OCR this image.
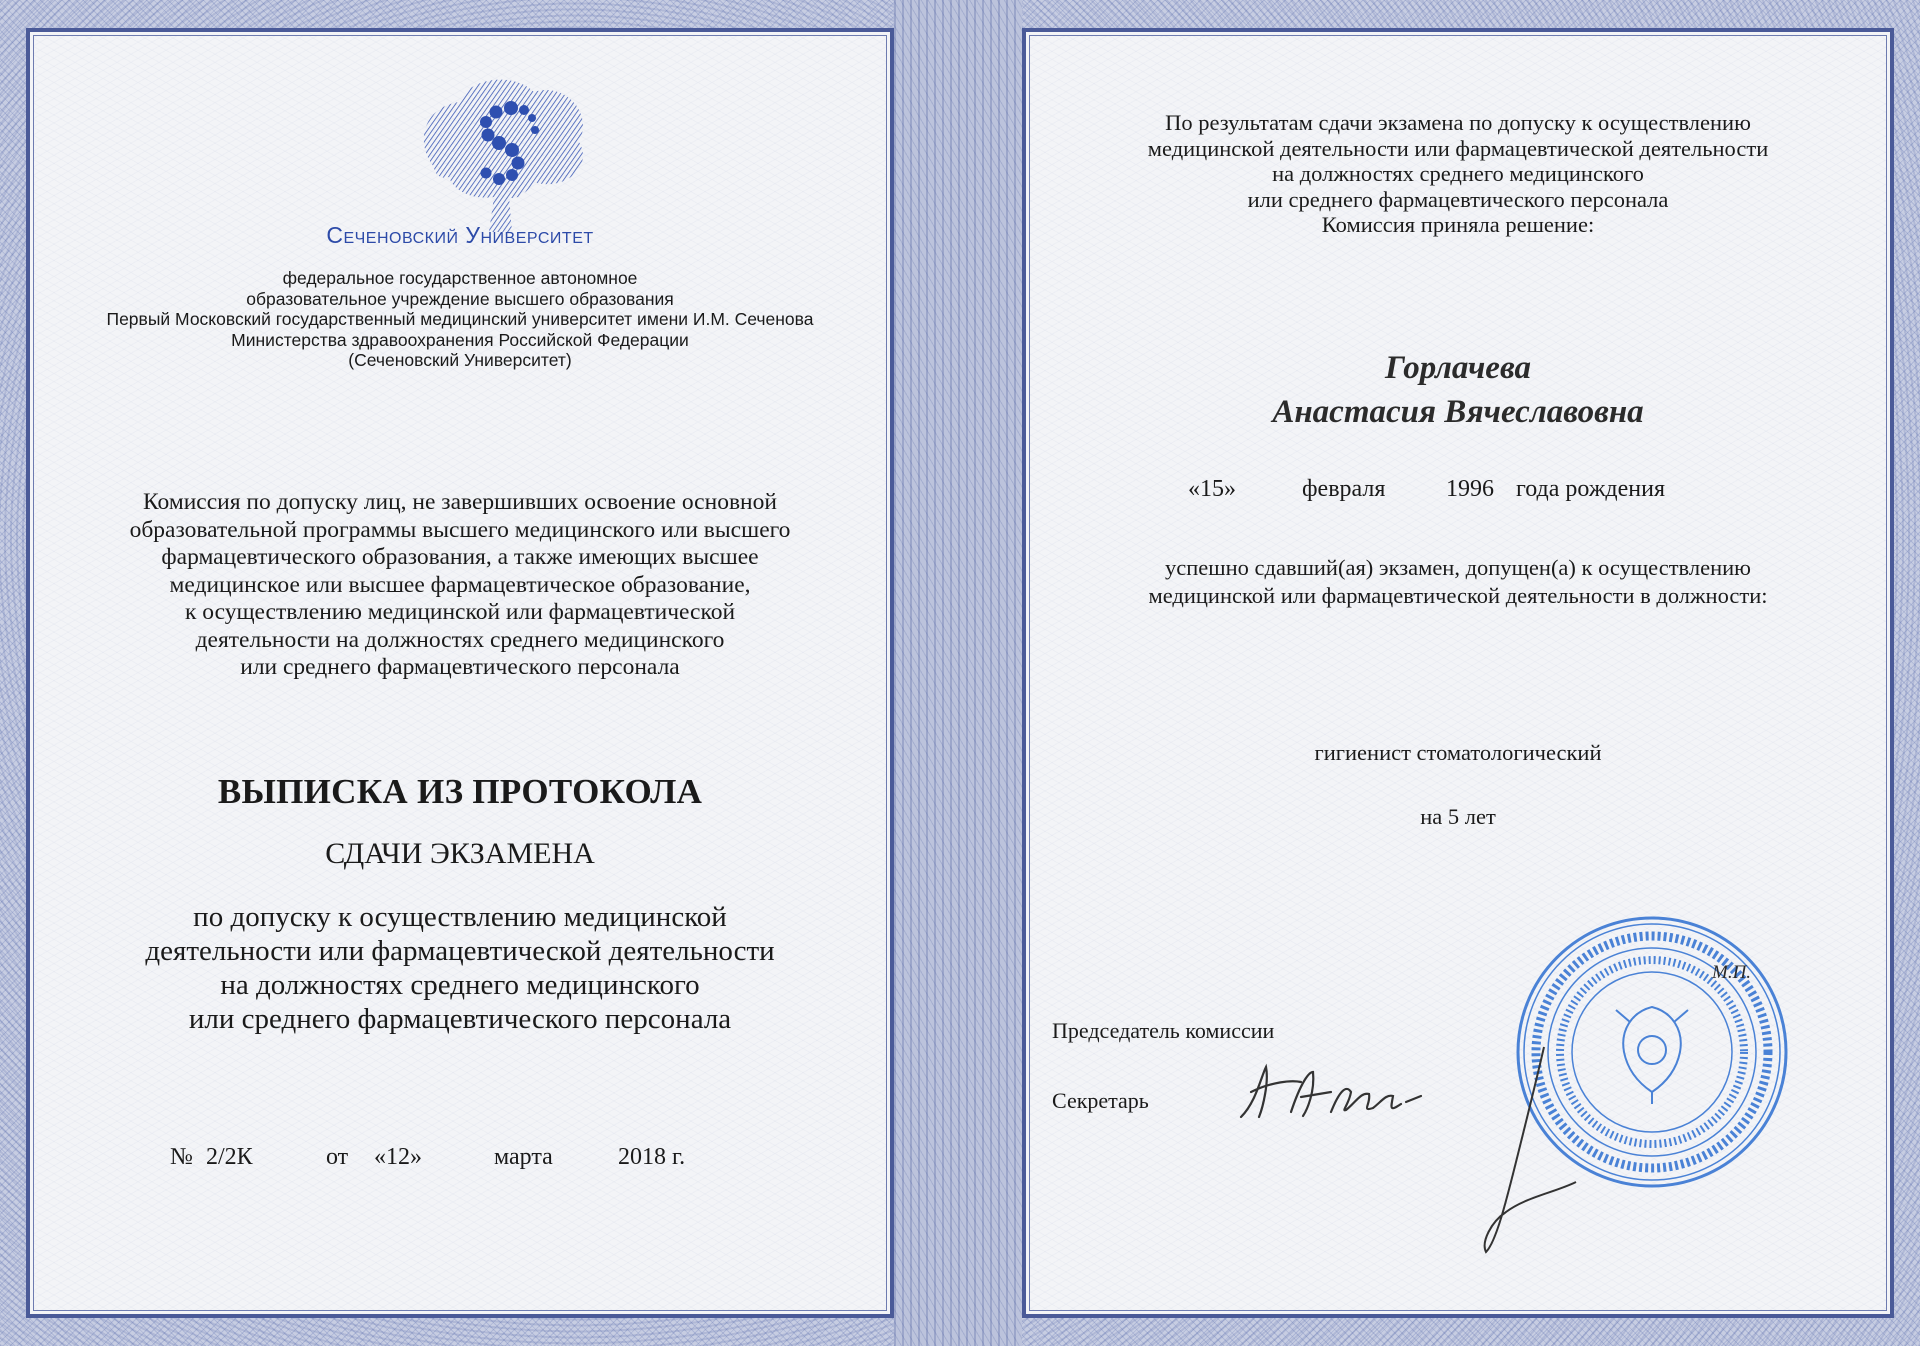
Сеченовский Университет
федеральное государственное автономное
образовательное учреждение высшего образования
Первый Московский государственный медицинский университет имени И.М. Сеченова
Министерства здравоохранения Российской Федерации
(Сеченовский Университет)
Комиссия по допуску лиц, не завершивших освоение основной
образовательной программы высшего медицинского или высшего
фармацевтического образования, а также имеющих высшее
медицинское или высшее фармацевтическое образование,
к осуществлению медицинской или фармацевтической
деятельности на должностях среднего медицинского
или среднего фармацевтического персонала
ВЫПИСКА ИЗ ПРОТОКОЛА
СДАЧИ ЭКЗАМЕНА
по допуску к осуществлению медицинской
деятельности или фармацевтической деятельности
на должностях среднего медицинского
или среднего фармацевтического персонала
№ 2/2К	от «12»	марта	2018 г.
По результатам сдачи экзамена по допуску к осуществлению
медицинской деятельности или фармацевтической деятельности
на должностях среднего медицинского
или среднего фармацевтического персонала
Комиссия приняла решение:
Горлачева
Анастасия Вячеславовна
«15»	февраля	1996 года рождения
успешно сдавший(ая) экзамен, допущен(а) к осуществлению
медицинской или фармацевтической деятельности в должности:
гигиенист стоматологический
на 5 лет
Председатель комиссии
Секретарь
М.П.
